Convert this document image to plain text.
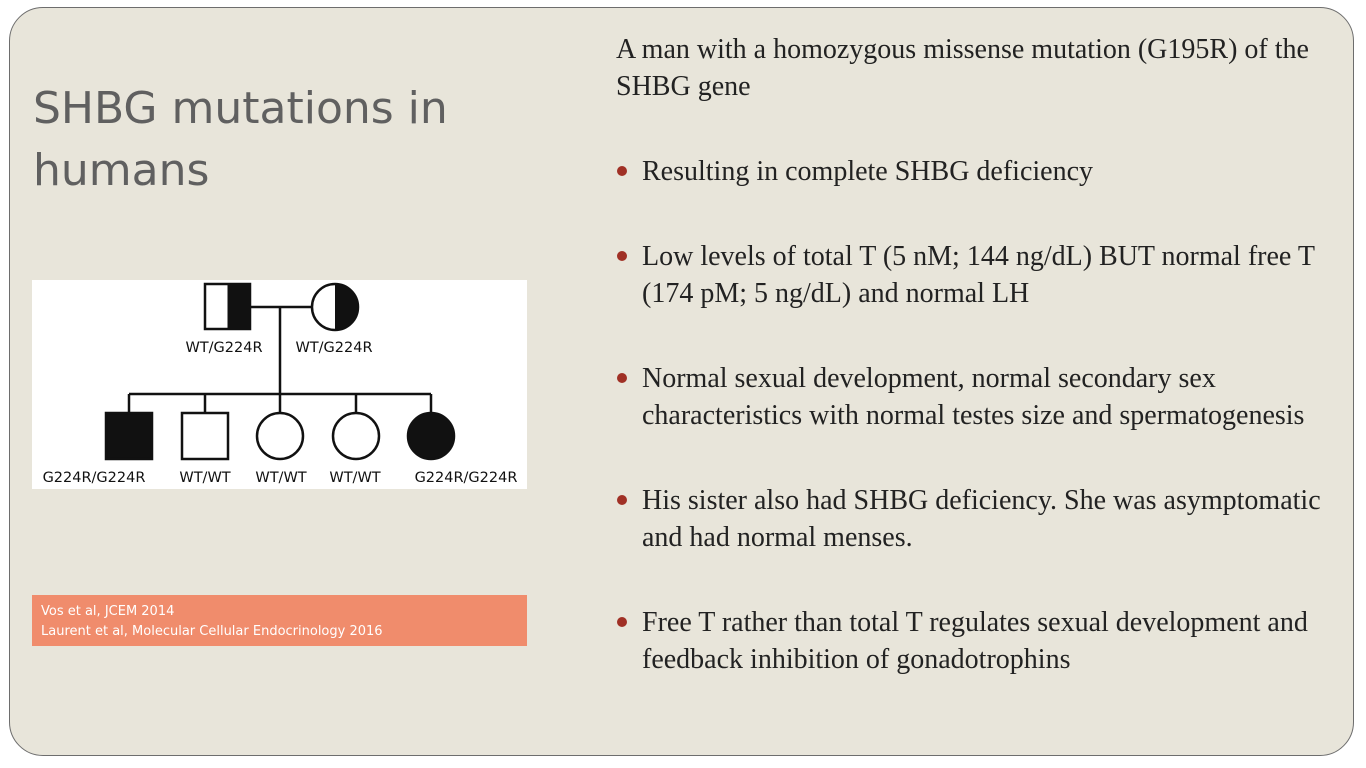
SHBG mutations in humans
WT/G224R WT/G224R
G224R/G224R WT/WT WT/WT WT/WT G224R/G224R
Vos et al, JCEM 2014
Laurent et al, Molecular Cellular Endocrinology 2016

A man with a homozygous missense mutation (G195R) of the SHBG gene

Resulting in complete SHBG deficiency
Low levels of total T (5 nM; 144 ng/dL) BUT normal free T (174 pM; 5 ng/dL) and normal LH
Normal sexual development, normal secondary sex characteristics with normal testes size and spermatogenesis
His sister also had SHBG deficiency. She was asymptomatic and had normal menses.
Free T rather than total T regulates sexual development and feedback inhibition of gonadotrophins
